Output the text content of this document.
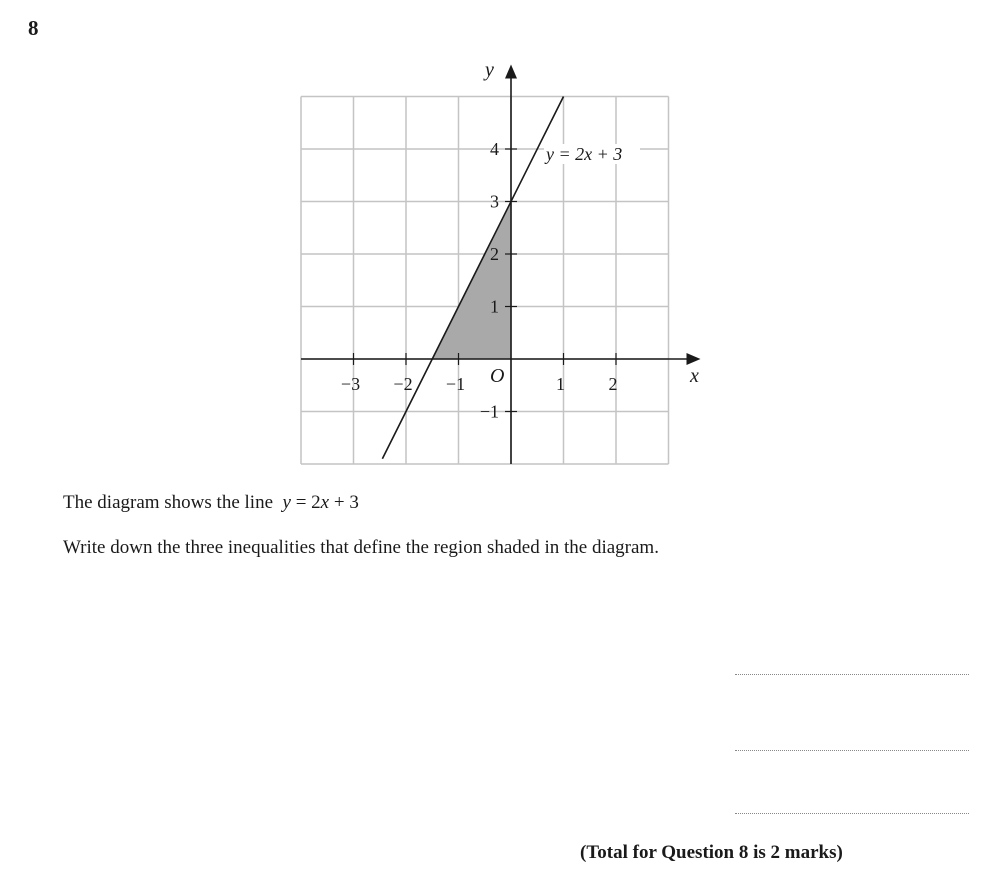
8
−3 −2 −1	1 2
−1
1
2
3
4
x
y
O
y = 2x + 3
The diagram shows the line y = 2x + 3
Write down the three inequalities that define the region shaded in the diagram.
(Total for Question 8 is 2 marks)
